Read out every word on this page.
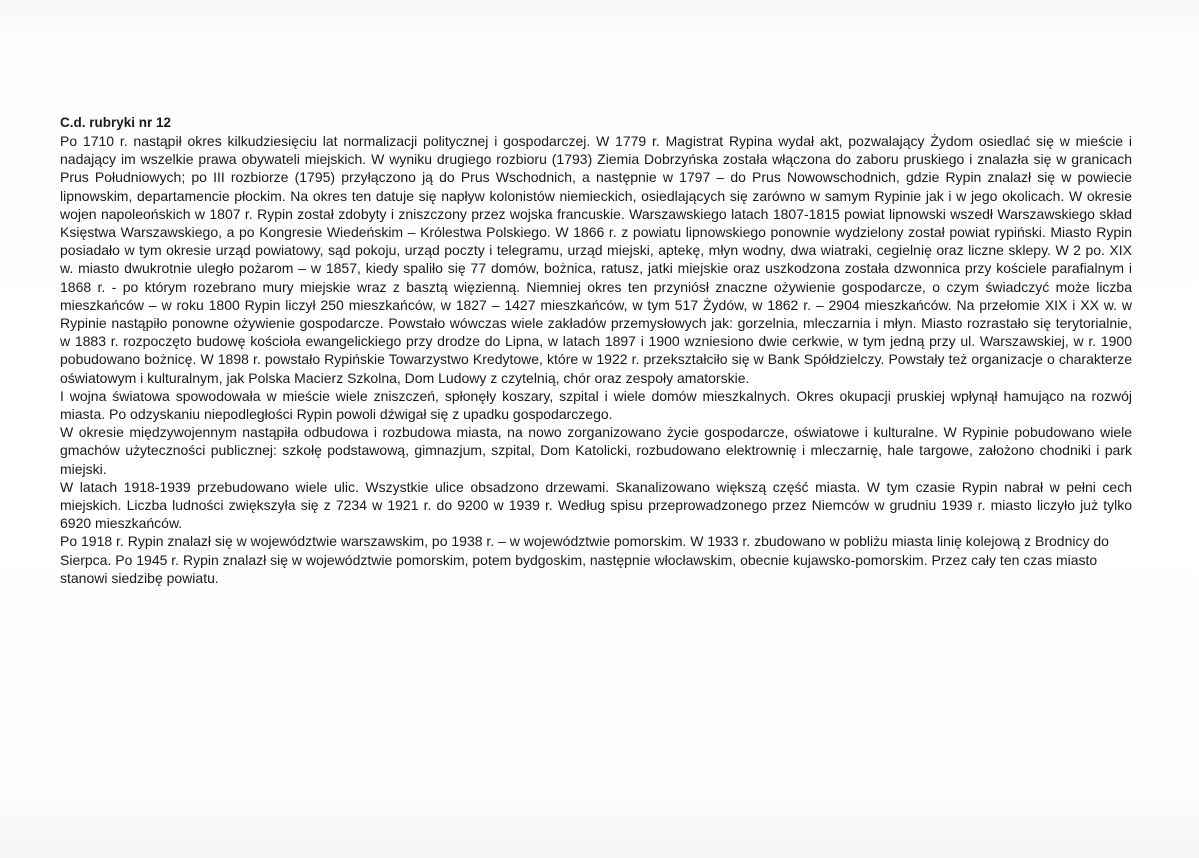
C.d. rubryki nr 12

Po 1710 r. nastąpił okres kilkudziesięciu lat normalizacji politycznej i gospodarczej. W 1779 r. Magistrat Rypina wydał akt, pozwalający Żydom osiedlać się w mieście i nadający im wszelkie prawa obywateli miejskich. W wyniku drugiego rozbioru (1793) Ziemia Dobrzyńska została włączona do zaboru pruskiego i znalazła się w granicach Prus Południowych; po III rozbiorze (1795) przyłączono ją do Prus Wschodnich, a następnie w 1797 – do Prus Nowowschodnich, gdzie Rypin znalazł się w powiecie lipnowskim, departamencie płockim. Na okres ten datuje się napływ kolonistów niemieckich, osiedlających się zarówno w samym Rypinie jak i w jego okolicach. W okresie wojen napoleońskich w 1807 r. Rypin został zdobyty i zniszczony przez wojska francuskie. Warszawskiego latach 1807-1815 powiat lipnowski wszedł Warszawskiego skład Księstwa Warszawskiego, a po Kongresie Wiedeńskim – Królestwa Polskiego. W 1866 r. z powiatu lipnowskiego ponownie wydzielony został powiat rypiński. Miasto Rypin posiadało w tym okresie urząd powiatowy, sąd pokoju, urząd poczty i telegramu, urząd miejski, aptekę, młyn wodny, dwa wiatraki, cegielnię oraz liczne sklepy. W 2 po. XIX w. miasto dwukrotnie uległo pożarom – w 1857, kiedy spaliło się 77 domów, bożnica, ratusz, jatki miejskie oraz uszkodzona została dzwonnica przy kościele parafialnym i 1868 r. - po którym rozebrano mury miejskie wraz z basztą więzienną. Niemniej okres ten przyniósł znaczne ożywienie gospodarcze, o czym świadczyć może liczba mieszkańców – w roku 1800 Rypin liczył 250 mieszkańców, w 1827 – 1427 mieszkańców, w tym 517 Żydów, w 1862 r. – 2904 mieszkańców. Na przełomie XIX i XX w. w Rypinie nastąpiło ponowne ożywienie gospodarcze. Powstało wówczas wiele zakładów przemysłowych jak: gorzelnia, mleczarnia i młyn. Miasto rozrastało się terytorialnie, w 1883 r. rozpoczęto budowę kościoła ewangelickiego przy drodze do Lipna, w latach 1897 i 1900 wzniesiono dwie cerkwie, w tym jedną przy ul. Warszawskiej, w r. 1900 pobudowano bożnicę. W 1898 r. powstało Rypińskie Towarzystwo Kredytowe, które w 1922 r. przekształciło się w Bank Spółdzielczy. Powstały też organizacje o charakterze oświatowym i kulturalnym, jak Polska Macierz Szkolna, Dom Ludowy z czytelnią, chór oraz zespoły amatorskie.

I wojna światowa spowodowała w mieście wiele zniszczeń, spłonęły koszary, szpital i wiele domów mieszkalnych. Okres okupacji pruskiej wpłynął hamująco na rozwój miasta. Po odzyskaniu niepodległości Rypin powoli dźwigał się z upadku gospodarczego.

W okresie międzywojennym nastąpiła odbudowa i rozbudowa miasta, na nowo zorganizowano życie gospodarcze, oświatowe i kulturalne. W Rypinie pobudowano wiele gmachów użyteczności publicznej: szkołę podstawową, gimnazjum, szpital, Dom Katolicki, rozbudowano elektrownię i mleczarnię, hale targowe, założono chodniki i park miejski.

W latach 1918-1939 przebudowano wiele ulic. Wszystkie ulice obsadzono drzewami. Skanalizowano większą część miasta. W tym czasie Rypin nabrał w pełni cech miejskich. Liczba ludności zwiększyła się z 7234 w 1921 r. do 9200 w 1939 r. Według spisu przeprowadzonego przez Niemców w grudniu 1939 r. miasto liczyło już tylko 6920 mieszkańców.

Po 1918 r. Rypin znalazł się w województwie warszawskim, po 1938 r. – w województwie pomorskim. W 1933 r. zbudowano w pobliżu miasta linię kolejową z Brodnicy do Sierpca. Po 1945 r. Rypin znalazł się w województwie pomorskim, potem bydgoskim, następnie włocławskim, obecnie kujawsko-pomorskim. Przez cały ten czas miasto stanowi siedzibę powiatu.
